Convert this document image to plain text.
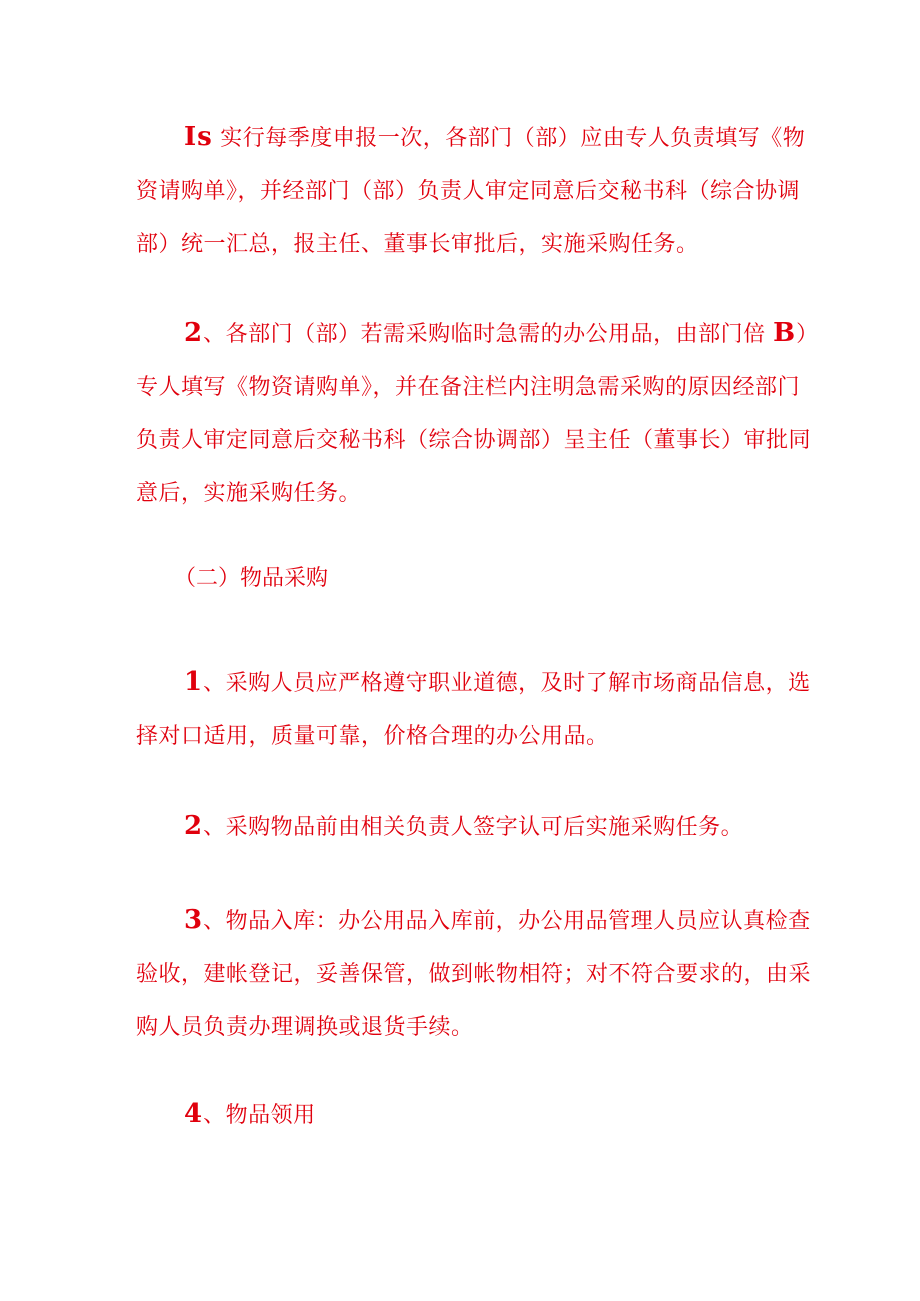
Is 实行每季度申报一次，各部门（部）应由专人负责填写《物资请购单》，并经部门（部）负责人审定同意后交秘书科（综合协调部）统一汇总，报主任、董事长审批后，实施采购任务。

2、各部门（部）若需采购临时急需的办公用品，由部门倍 B）专人填写《物资请购单》，并在备注栏内注明急需采购的原因经部门负责人审定同意后交秘书科（综合协调部）呈主任（董事长）审批同意后，实施采购任务。

（二）物品采购

1、采购人员应严格遵守职业道德，及时了解市场商品信息，选择对口适用，质量可靠，价格合理的办公用品。

2、采购物品前由相关负责人签字认可后实施采购任务。

3、物品入库：办公用品入库前，办公用品管理人员应认真检查验收，建帐登记，妥善保管，做到帐物相符；对不符合要求的，由采购人员负责办理调换或退货手续。

4、物品领用
